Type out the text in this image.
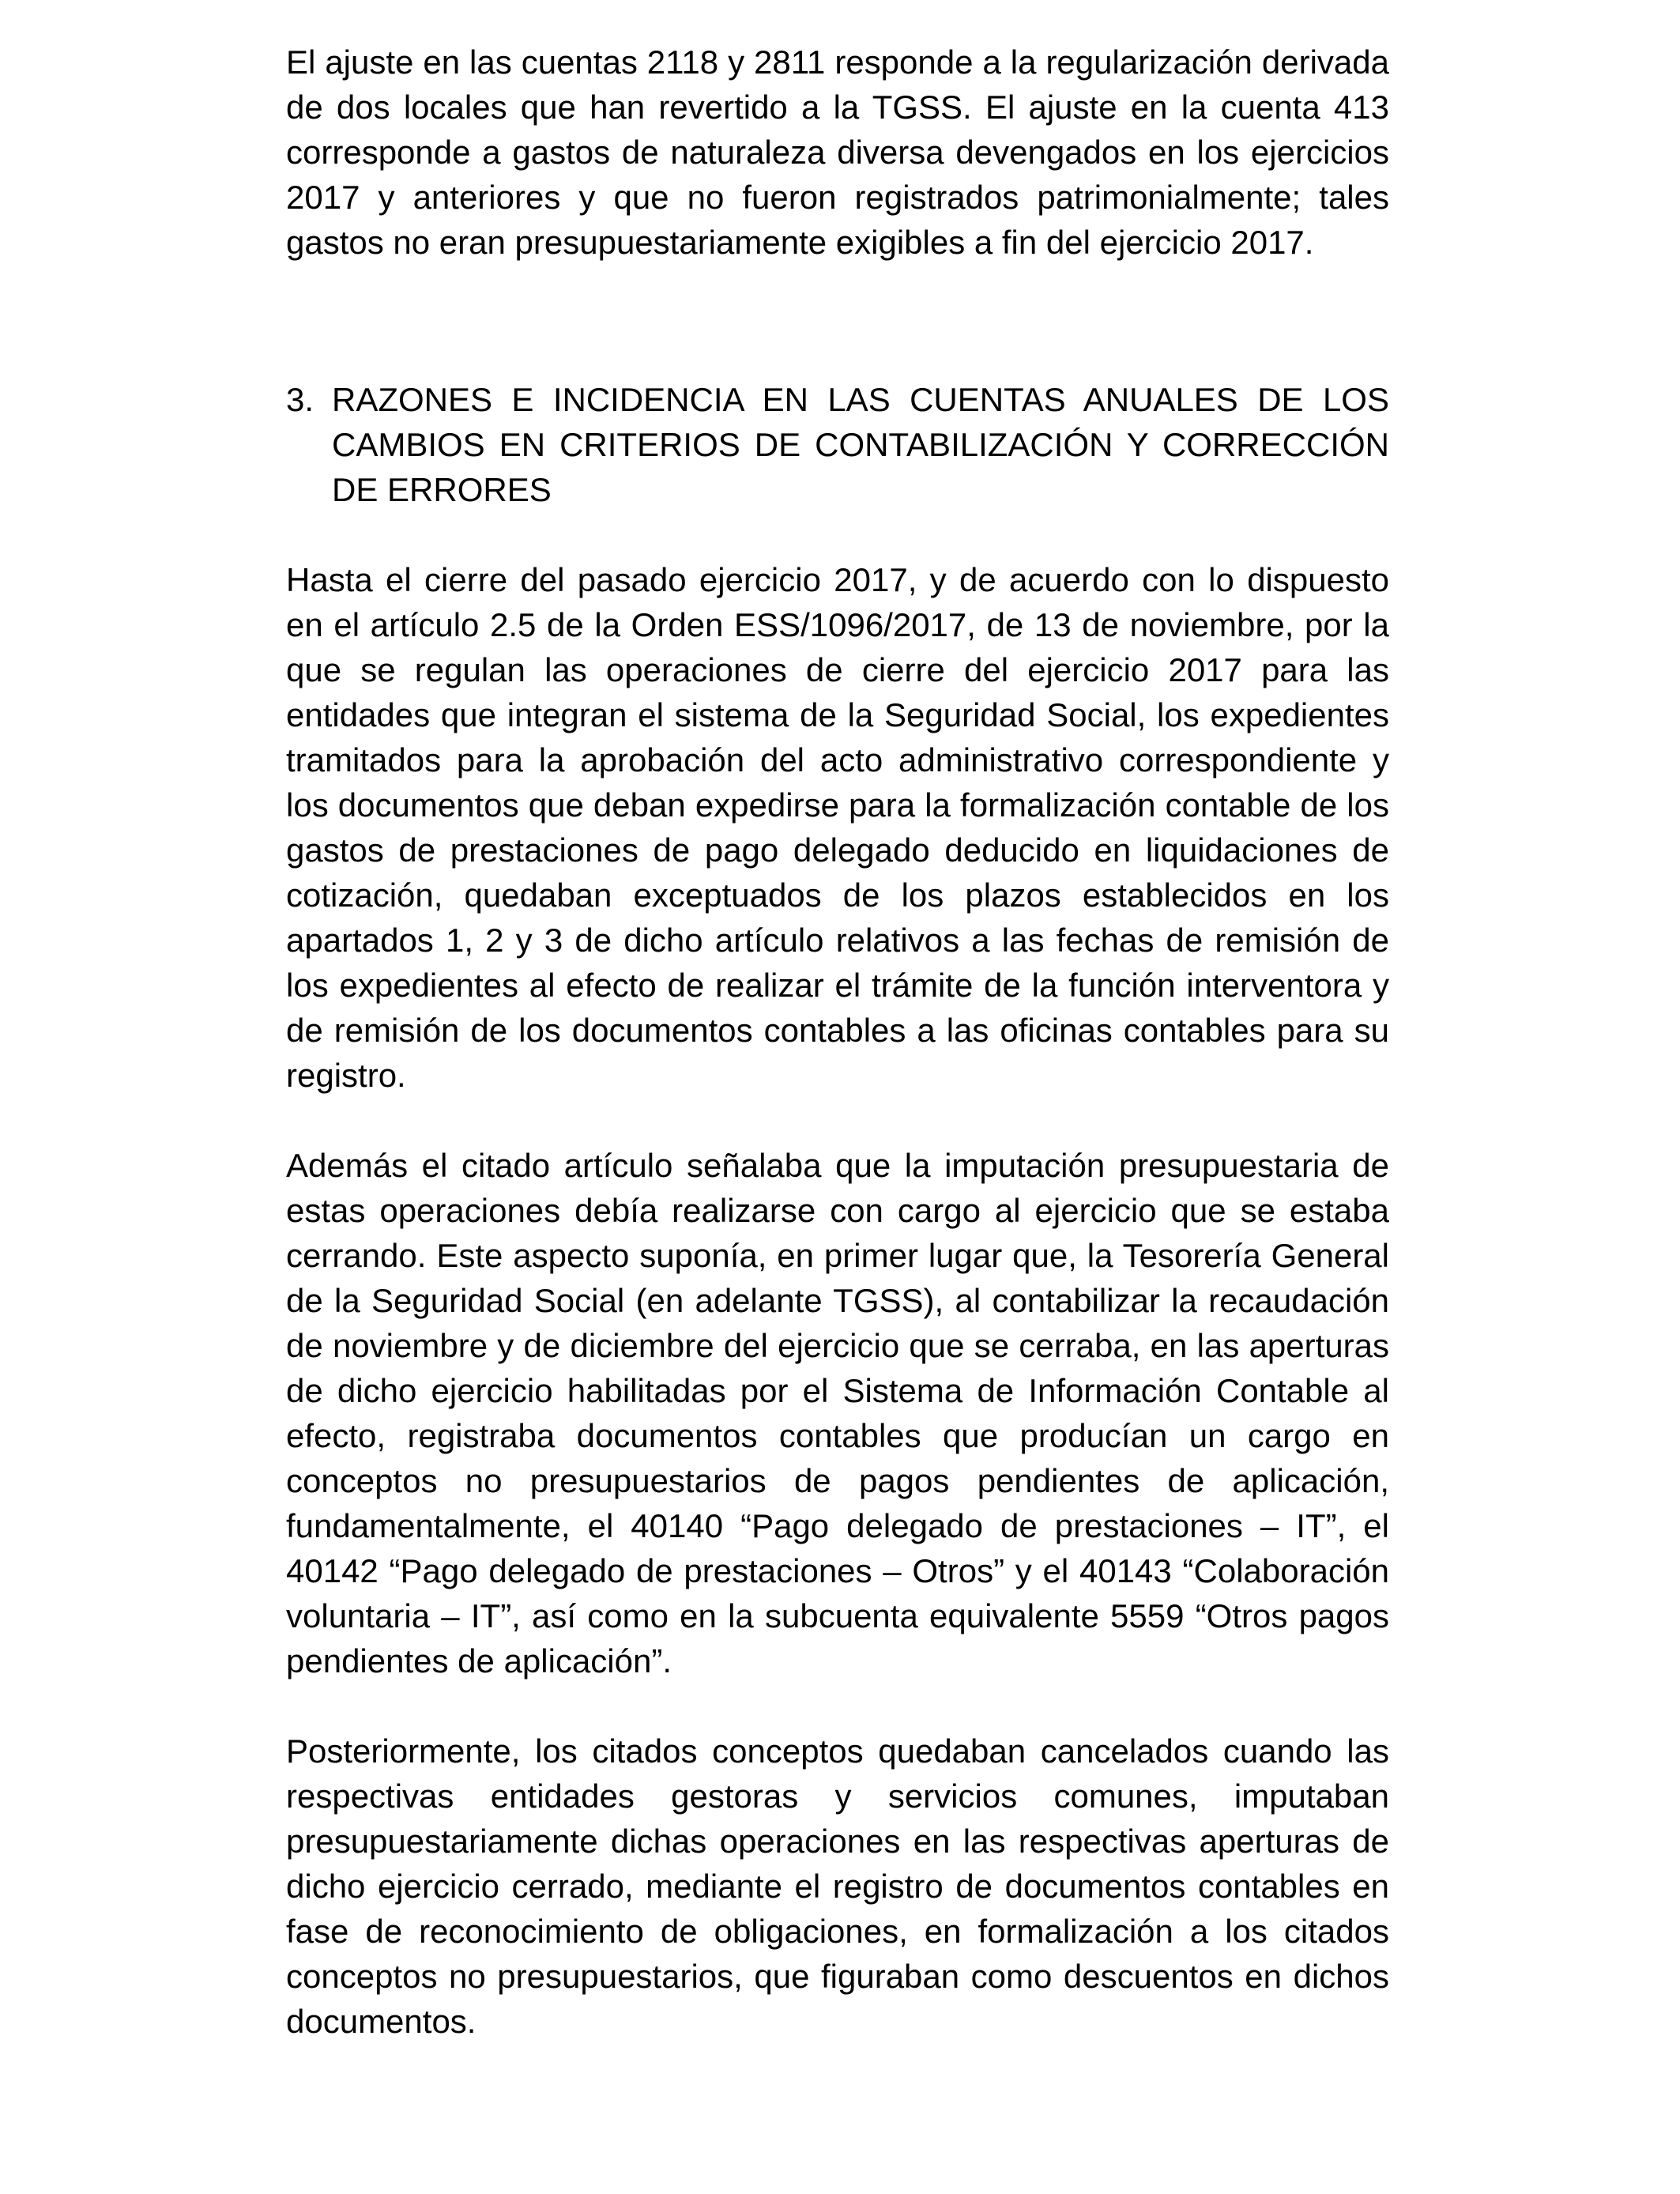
El ajuste en las cuentas 2118 y 2811 responde a la regularización derivada de dos locales que han revertido a la TGSS. El ajuste en la cuenta 413 corresponde a gastos de naturaleza diversa devengados en los ejercicios 2017 y anteriores y que no fueron registrados patrimonialmente; tales gastos no eran presupuestariamente exigibles a fin del ejercicio 2017.

3. RAZONES E INCIDENCIA EN LAS CUENTAS ANUALES DE LOS CAMBIOS EN CRITERIOS DE CONTABILIZACIÓN Y CORRECCIÓN DE ERRORES

Hasta el cierre del pasado ejercicio 2017, y de acuerdo con lo dispuesto en el artículo 2.5 de la Orden ESS/1096/2017, de 13 de noviembre, por la que se regulan las operaciones de cierre del ejercicio 2017 para las entidades que integran el sistema de la Seguridad Social, los expedientes tramitados para la aprobación del acto administrativo correspondiente y los documentos que deban expedirse para la formalización contable de los gastos de prestaciones de pago delegado deducido en liquidaciones de cotización, quedaban exceptuados de los plazos establecidos en los apartados 1, 2 y 3 de dicho artículo relativos a las fechas de remisión de los expedientes al efecto de realizar el trámite de la función interventora y de remisión de los documentos contables a las oficinas contables para su registro.

Además el citado artículo señalaba que la imputación presupuestaria de estas operaciones debía realizarse con cargo al ejercicio que se estaba cerrando. Este aspecto suponía, en primer lugar que, la Tesorería General de la Seguridad Social (en adelante TGSS), al contabilizar la recaudación de noviembre y de diciembre del ejercicio que se cerraba, en las aperturas de dicho ejercicio habilitadas por el Sistema de Información Contable al efecto, registraba documentos contables que producían un cargo en conceptos no presupuestarios de pagos pendientes de aplicación, fundamentalmente, el 40140 “Pago delegado de prestaciones – IT”, el 40142 “Pago delegado de prestaciones – Otros” y el 40143 “Colaboración voluntaria – IT”, así como en la subcuenta equivalente 5559 “Otros pagos pendientes de aplicación”.

Posteriormente, los citados conceptos quedaban cancelados cuando las respectivas entidades gestoras y servicios comunes, imputaban presupuestariamente dichas operaciones en las respectivas aperturas de dicho ejercicio cerrado, mediante el registro de documentos contables en fase de reconocimiento de obligaciones, en formalización a los citados conceptos no presupuestarios, que figuraban como descuentos en dichos documentos.
